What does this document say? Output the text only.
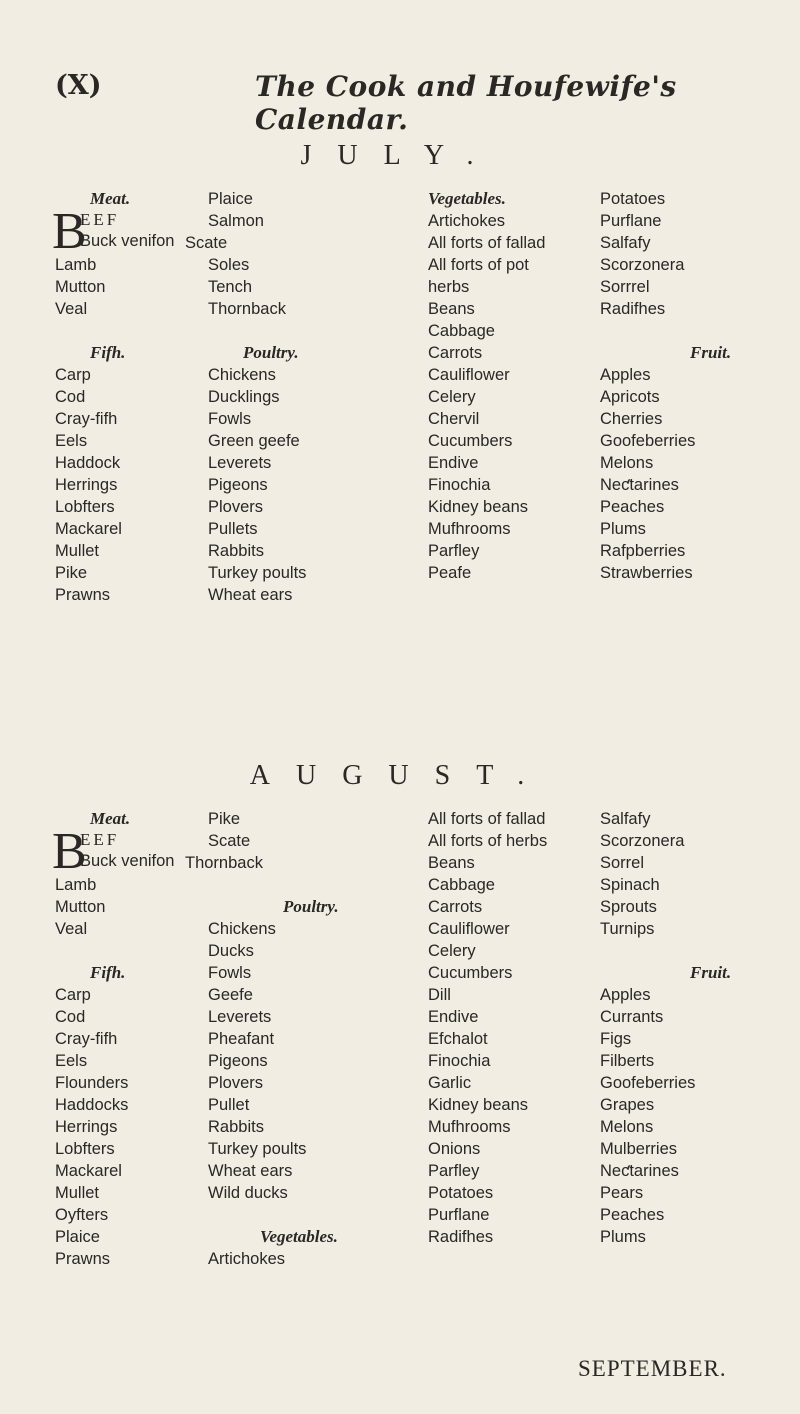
(X)	The Cook and Houfewife's Calendar.
JULY.
Meat.
Lamb
Mutton
Veal
Fifh.
Carp
Cod
Cray-fifh
Eels
Haddock
Herrings
Lobfters
Mackarel
Mullet
Pike
Prawns
B
EEF
Buck venifon
Plaice
Salmon
Scate
Soles
Tench
Thornback
Poultry.
Chickens
Ducklings
Fowls
Green geefe
Leverets
Pigeons
Plovers
Pullets
Rabbits
Turkey poults
Wheat ears
Vegetables.
Artichokes
All forts of fallad
All forts of pot
herbs
Beans
Cabbage
Carrots
Cauliflower
Celery
Chervil
Cucumbers
Endive
Finochia
Kidney beans
Mufhrooms
Parfley
Peafe
Potatoes
Purflane
Salfafy
Scorzonera
Sorrrel
Radifhes
Fruit.
Apples
Apricots
Cherries
Goofeberries
Melons
Neƈtarines
Peaches
Plums
Rafpberries
Strawberries
AUGUST.
Meat.
Lamb
Mutton
Veal
Fifh.
Carp
Cod
Cray-fifh
Eels
Flounders
Haddocks
Herrings
Lobfters
Mackarel
Mullet
Oyfters
Plaice
Prawns
B
EEF
Buck venifon
Pike
Scate
Thornback
Poultry.
Chickens
Ducks
Fowls
Geefe
Leverets
Pheafant
Pigeons
Plovers
Pullet
Rabbits
Turkey poults
Wheat ears
Wild ducks
Vegetables.
Artichokes
All forts of fallad
All forts of herbs
Beans
Cabbage
Carrots
Cauliflower
Celery
Cucumbers
Dill
Endive
Efchalot
Finochia
Garlic
Kidney beans
Mufhrooms
Onions
Parfley
Potatoes
Purflane
Radifhes
Salfafy
Scorzonera
Sorrel
Spinach
Sprouts
Turnips
Fruit.
Apples
Currants
Figs
Filberts
Goofeberries
Grapes
Melons
Mulberries
Neƈtarines
Pears
Peaches
Plums
SEPTEMBER.
